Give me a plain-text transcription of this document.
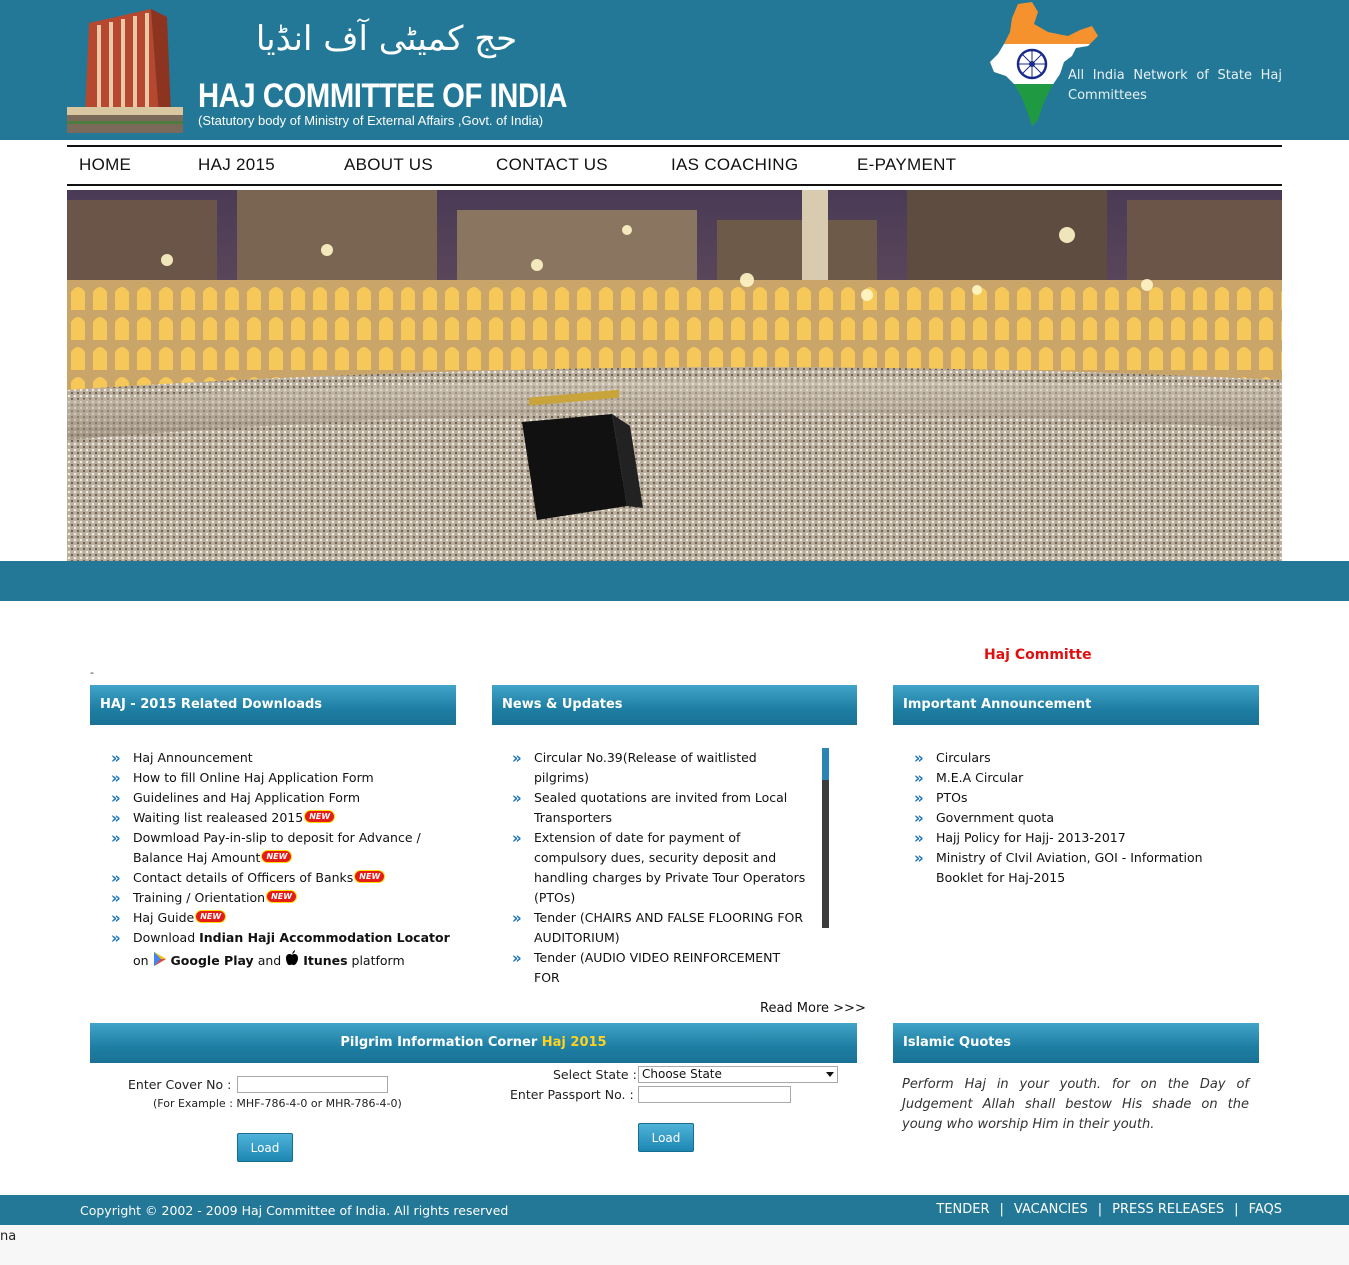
حج کمیٹی آف انڈیا
HAJ COMMITTEE OF INDIA
(Statutory body of Ministry of External Affairs ,Govt. of India)
All India Network of State Haj Committees
HOME	HAJ 2015	ABOUT US	CONTACT US	IAS COACHING	E-PAYMENT
Haj Committe
-
HAJ - 2015 Related Downloads
» Haj Announcement
» How to fill Online Haj Application Form
» Guidelines and Haj Application Form
» Waiting list realeased 2015 NEW
» Dowmload Pay-in-slip to deposit for Advance / Balance Haj Amount NEW
» Contact details of Officers of Banks NEW
» Training / Orientation NEW
» Haj Guide NEW
» Download Indian Haji Accommodation Locator
on Google Play and Itunes platform
News & Updates
» Circular No.39(Release of waitlisted pilgrims)
» Sealed quotations are invited from Local Transporters
» Extension of date for payment of compulsory dues, security deposit and handling charges by Private Tour Operators (PTOs)
» Tender (CHAIRS AND FALSE FLOORING FOR AUDITORIUM)
» Tender (AUDIO VIDEO REINFORCEMENT FOR
Read More >>>
Important Announcement
» Circulars
» M.E.A Circular
» PTOs
» Government quota
» Hajj Policy for Hajj- 2013-2017
» Ministry of CIvil Aviation, GOI - Information Booklet for Haj-2015
Pilgrim Information Corner Haj 2015
Enter Cover No :
(For Example : MHF-786-4-0 or MHR-786-4-0)
Load
Select State : Choose State
Enter Passport No. :
Load
Islamic Quotes
Perform Haj in your youth. for on the Day of Judgement Allah shall bestow His shade on the young who worship Him in their youth.
Copyright © 2002 - 2009 Haj Committee of India. All rights reserved	TENDER | VACANCIES | PRESS RELEASES | FAQS
na
